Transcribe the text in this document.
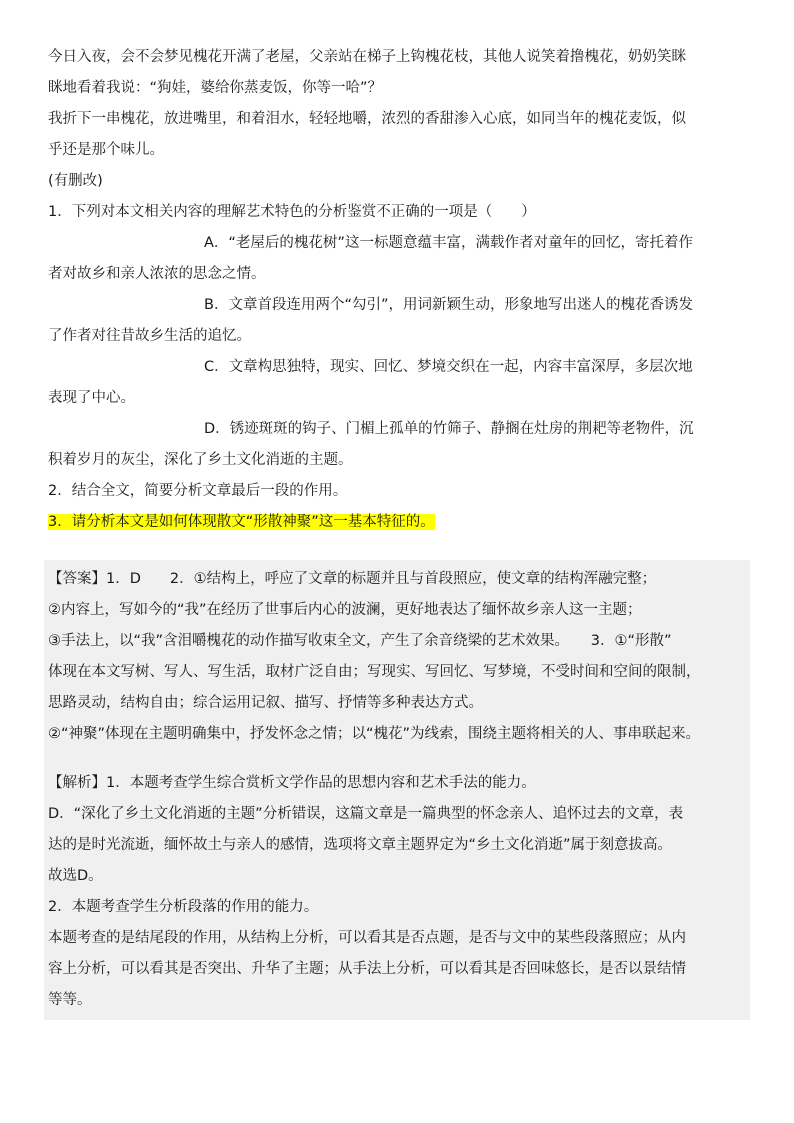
今日入夜，会不会梦见槐花开满了老屋，父亲站在梯子上钩槐花枝，其他人说笑着撸槐花，奶奶笑眯

眯地看着我说：“狗娃，婆给你蒸麦饭，你等一哈”？

我折下一串槐花，放进嘴里，和着泪水，轻轻地嚼，浓烈的香甜渗入心底，如同当年的槐花麦饭，似

乎还是那个味儿。

(有删改)

1．下列对本文相关内容的理解艺术特色的分析鉴赏不正确的一项是（　　）

A．“老屋后的槐花树”这一标题意蕴丰富，满载作者对童年的回忆，寄托着作

者对故乡和亲人浓浓的思念之情。

B．文章首段连用两个“勾引”，用词新颖生动，形象地写出迷人的槐花香诱发

了作者对往昔故乡生活的追忆。

C．文章构思独特，现实、回忆、梦境交织在一起，内容丰富深厚，多层次地

表现了中心。

D．锈迹斑斑的钩子、门楣上孤单的竹筛子、静搁在灶房的荆耙等老物件，沉

积着岁月的灰尘，深化了乡土文化消逝的主题。

2．结合全文，简要分析文章最后一段的作用。

3．请分析本文是如何体现散文“形散神聚”这一基本特征的。

【答案】1．D　　2．①结构上，呼应了文章的标题并且与首段照应，使文章的结构浑融完整；

②内容上，写如今的“我”在经历了世事后内心的波澜，更好地表达了缅怀故乡亲人这一主题；

③手法上，以“我”含泪嚼槐花的动作描写收束全文，产生了余音绕梁的艺术效果。　　3．①“形散”

体现在本文写树、写人、写生活，取材广泛自由；写现实、写回忆、写梦境，不受时间和空间的限制，

思路灵动，结构自由；综合运用记叙、描写、抒情等多种表达方式。

②“神聚”体现在主题明确集中，抒发怀念之情；以“槐花”为线索，围绕主题将相关的人、事串联起来。

【解析】1．本题考查学生综合赏析文学作品的思想内容和艺术手法的能力。

D．“深化了乡土文化消逝的主题”分析错误，这篇文章是一篇典型的怀念亲人、追怀过去的文章，表

达的是时光流逝，缅怀故土与亲人的感情，选项将文章主题界定为“乡土文化消逝”属于刻意拔高。

故选D。

2．本题考查学生分析段落的作用的能力。

本题考查的是结尾段的作用，从结构上分析，可以看其是否点题，是否与文中的某些段落照应；从内

容上分析，可以看其是否突出、升华了主题；从手法上分析，可以看其是否回味悠长，是否以景结情

等等。
